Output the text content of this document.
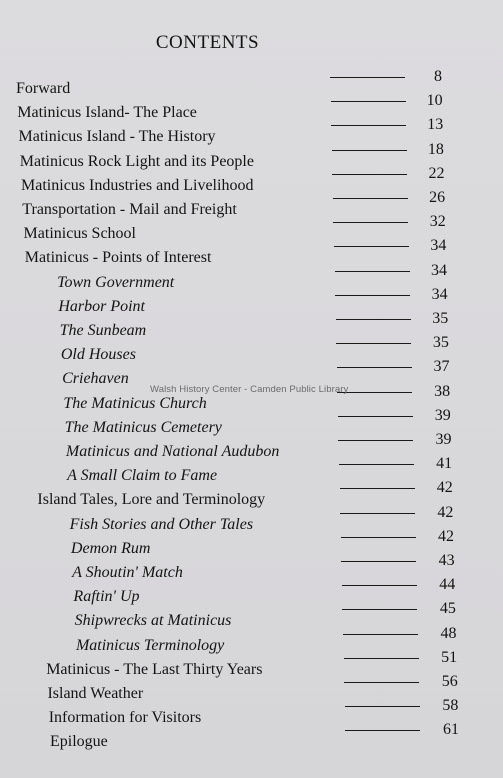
CONTENTS
Forward
8
Matinicus Island- The Place
10
Matinicus Island - The History
13
Matinicus Rock Light and its People
18
Matinicus Industries and Livelihood
22
Transportation - Mail and Freight
26
Matinicus School
32
Matinicus - Points of Interest
34
Town Government
34
Harbor Point
34
The Sunbeam
35
Old Houses
35
Criehaven
37
The Matinicus Church
38
The Matinicus Cemetery
39
Matinicus and National Audubon
39
A Small Claim to Fame
41
Island Tales, Lore and Terminology
42
Fish Stories and Other Tales
42
Demon Rum
42
A Shoutin' Match
43
Raftin' Up
44
Shipwrecks at Matinicus
45
Matinicus Terminology
48
Matinicus - The Last Thirty Years
51
Island Weather
56
Information for Visitors
58
Epilogue
61
Walsh History Center - Camden Public Library
